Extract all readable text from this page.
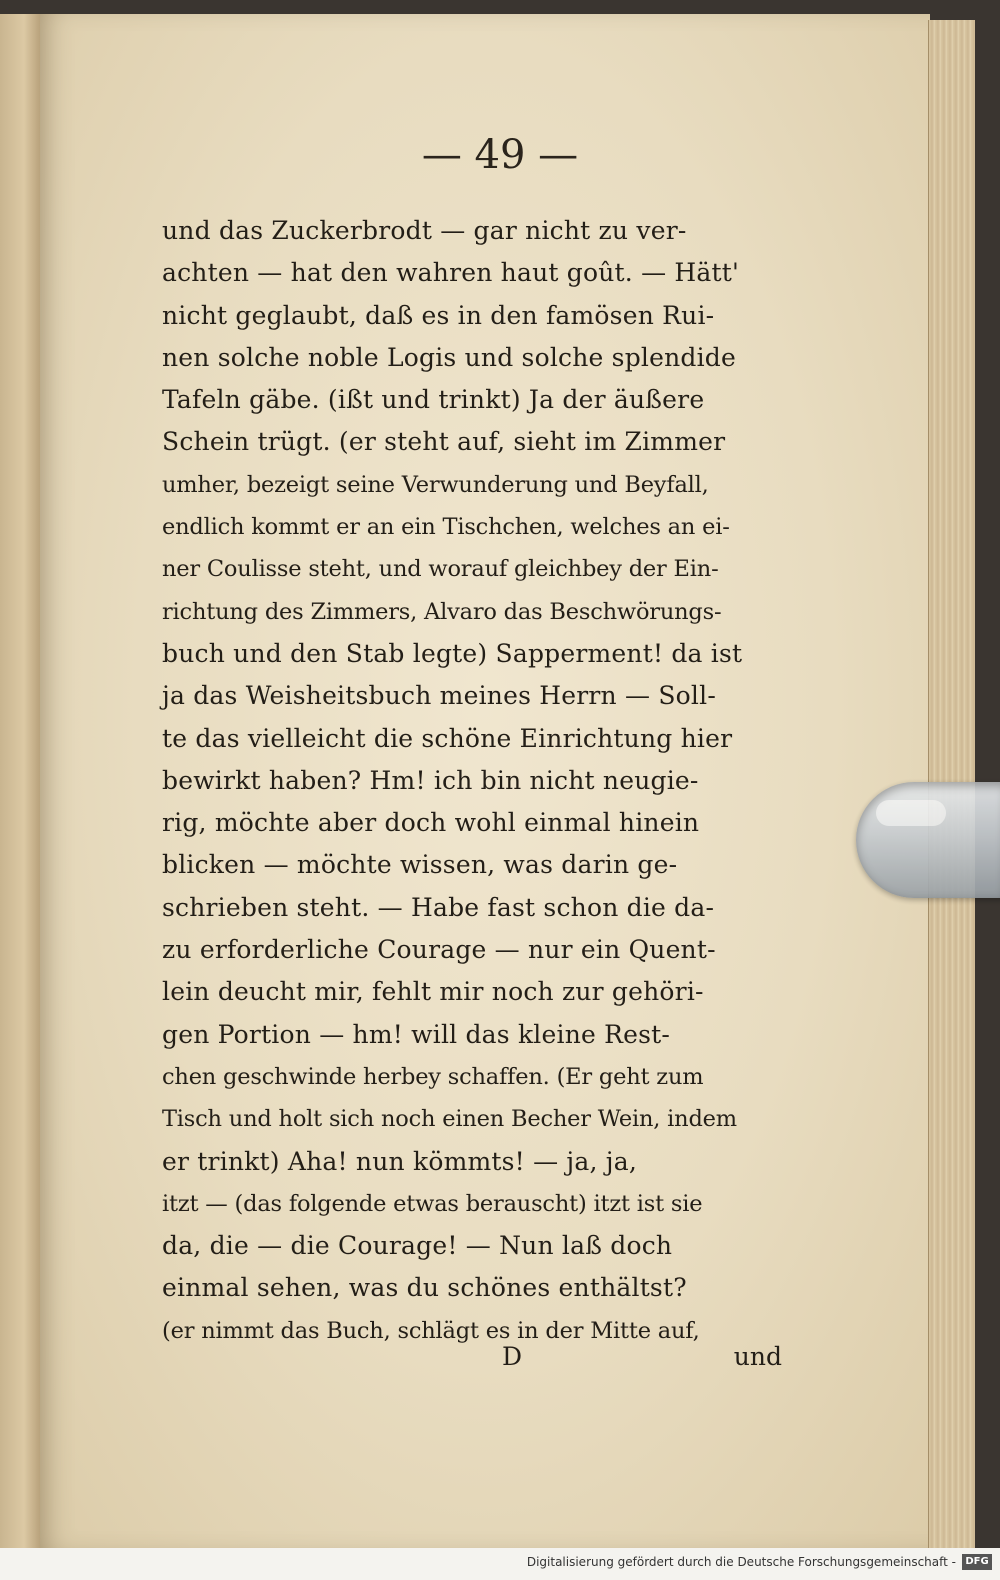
— 49 —
und das Zuckerbrodt — gar nicht zu ver-
achten — hat den wahren haut goût. — Hätt'
nicht geglaubt, daß es in den famösen Rui-
nen solche noble Logis und solche splendide
Tafeln gäbe. (ißt und trinkt) Ja der äußere
Schein trügt. (er steht auf, sieht im Zimmer
umher, bezeigt seine Verwunderung und Beyfall,
endlich kommt er an ein Tischchen, welches an ei-
ner Coulisse steht, und worauf gleichbey der Ein-
richtung des Zimmers, Alvaro das Beschwörungs-
buch und den Stab legte) Sapperment! da ist
ja das Weisheitsbuch meines Herrn — Soll-
te das vielleicht die schöne Einrichtung hier
bewirkt haben? Hm! ich bin nicht neugie-
rig, möchte aber doch wohl einmal hinein
blicken — möchte wissen, was darin ge-
schrieben steht. — Habe fast schon die da-
zu erforderliche Courage — nur ein Quent-
lein deucht mir, fehlt mir noch zur gehöri-
gen Portion — hm! will das kleine Rest-
chen geschwinde herbey schaffen. (Er geht zum
Tisch und holt sich noch einen Becher Wein, indem
er trinkt) Aha! nun kömmts! — ja, ja,
itzt — (das folgende etwas berauscht) itzt ist sie
da, die — die Courage! — Nun laß doch
einmal sehen, was du schönes enthältst?
(er nimmt das Buch, schlägt es in der Mitte auf,
D	und
Digitalisierung gefördert durch die Deutsche Forschungsgemeinschaft - DFG
